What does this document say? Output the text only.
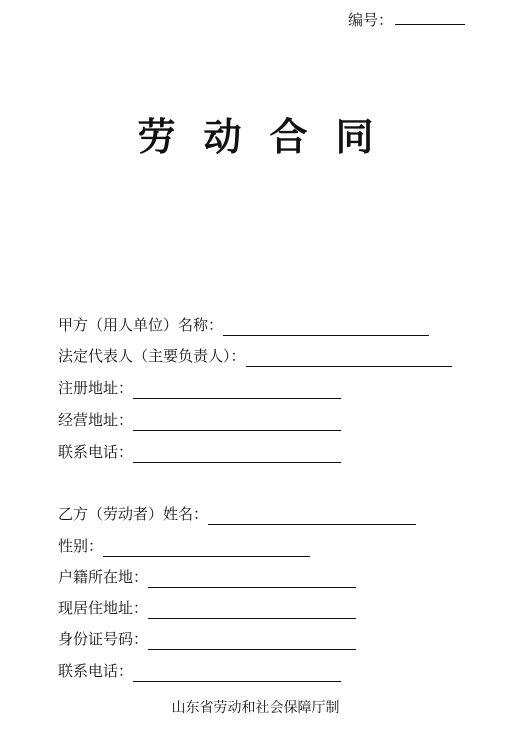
编号：
劳动合同
甲方（用人单位）名称：
法定代表人（主要负责人）：
注册地址：
经营地址：
联系电话：
乙方（劳动者）姓名：
性别：
户籍所在地：
现居住地址：
身份证号码：
联系电话：
山东省劳动和社会保障厅制
